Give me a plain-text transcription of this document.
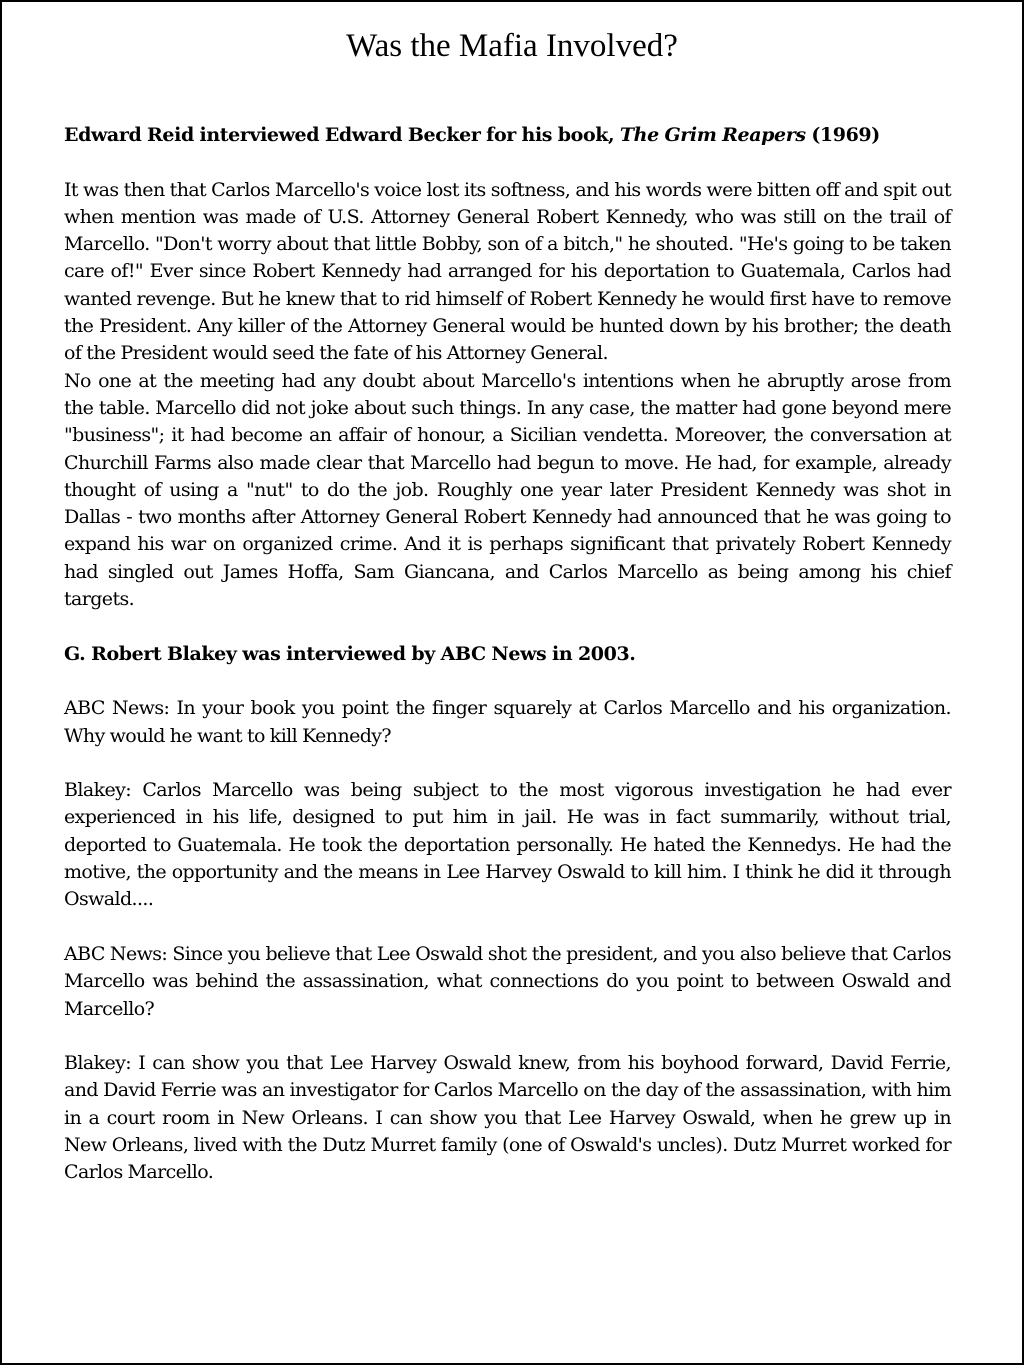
Was the Mafia Involved?

Edward Reid interviewed Edward Becker for his book, The Grim Reapers (1969)

It was then that Carlos Marcello's voice lost its softness, and his words were bitten off and spit out when mention was made of U.S. Attorney General Robert Kennedy, who was still on the trail of Marcello. "Don't worry about that little Bobby, son of a bitch," he shouted. "He's going to be taken care of!" Ever since Robert Kennedy had arranged for his deportation to Guatemala, Carlos had wanted revenge. But he knew that to rid himself of Robert Kennedy he would first have to remove the President. Any killer of the Attorney General would be hunted down by his brother; the death of the President would seed the fate of his Attorney General.

No one at the meeting had any doubt about Marcello's intentions when he abruptly arose from the table. Marcello did not joke about such things. In any case, the matter had gone beyond mere "business"; it had become an affair of honour, a Sicilian vendetta. Moreover, the conversation at Churchill Farms also made clear that Marcello had begun to move. He had, for example, already thought of using a "nut" to do the job. Roughly one year later President Kennedy was shot in Dallas - two months after Attorney General Robert Kennedy had announced that he was going to expand his war on organized crime. And it is perhaps significant that privately Robert Kennedy had singled out James Hoffa, Sam Giancana, and Carlos Marcello as being among his chief targets.

G. Robert Blakey was interviewed by ABC News in 2003.

ABC News: In your book you point the finger squarely at Carlos Marcello and his organization. Why would he want to kill Kennedy?

Blakey: Carlos Marcello was being subject to the most vigorous investigation he had ever experienced in his life, designed to put him in jail. He was in fact summarily, without trial, deported to Guatemala. He took the deportation personally. He hated the Kennedys. He had the motive, the opportunity and the means in Lee Harvey Oswald to kill him. I think he did it through Oswald....

ABC News: Since you believe that Lee Oswald shot the president, and you also believe that Carlos Marcello was behind the assassination, what connections do you point to between Oswald and Marcello?

Blakey: I can show you that Lee Harvey Oswald knew, from his boyhood forward, David Ferrie, and David Ferrie was an investigator for Carlos Marcello on the day of the assassination, with him in a court room in New Orleans. I can show you that Lee Harvey Oswald, when he grew up in New Orleans, lived with the Dutz Murret family (one of Oswald's uncles). Dutz Murret worked for Carlos Marcello.
